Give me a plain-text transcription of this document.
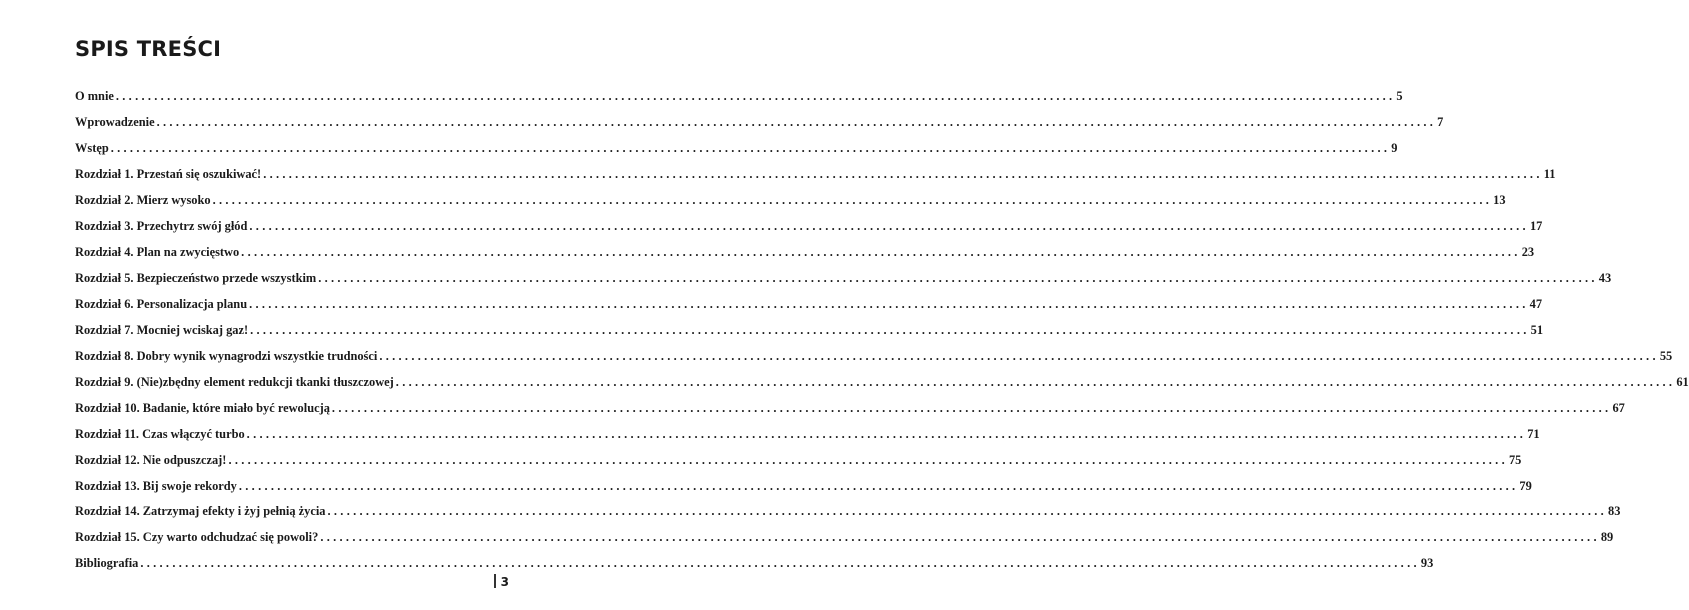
SPIS TREŚCI
O mnie ........................................................................................................................................................................................................ 5
Wprowadzenie ........................................................................................................................................................................................................ 7
Wstęp ........................................................................................................................................................................................................ 9
Rozdział 1. Przestań się oszukiwać! ........................................................................................................................................................................................................ 11
Rozdział 2. Mierz wysoko ........................................................................................................................................................................................................ 13
Rozdział 3. Przechytrz swój głód ........................................................................................................................................................................................................ 17
Rozdział 4. Plan na zwycięstwo ........................................................................................................................................................................................................ 23
Rozdział 5. Bezpieczeństwo przede wszystkim ........................................................................................................................................................................................................ 43
Rozdział 6. Personalizacja planu ........................................................................................................................................................................................................ 47
Rozdział 7. Mocniej wciskaj gaz! ........................................................................................................................................................................................................ 51
Rozdział 8. Dobry wynik wynagrodzi wszystkie trudności ........................................................................................................................................................................................................ 55
Rozdział 9. (Nie)zbędny element redukcji tkanki tłuszczowej ........................................................................................................................................................................................................ 61
Rozdział 10. Badanie, które miało być rewolucją ........................................................................................................................................................................................................ 67
Rozdział 11. Czas włączyć turbo ........................................................................................................................................................................................................ 71
Rozdział 12. Nie odpuszczaj! ........................................................................................................................................................................................................ 75
Rozdział 13. Bij swoje rekordy ........................................................................................................................................................................................................ 79
Rozdział 14. Zatrzymaj efekty i żyj pełnią życia ........................................................................................................................................................................................................ 83
Rozdział 15. Czy warto odchudzać się powoli? ........................................................................................................................................................................................................ 89
Bibliografia ........................................................................................................................................................................................................ 93
3
